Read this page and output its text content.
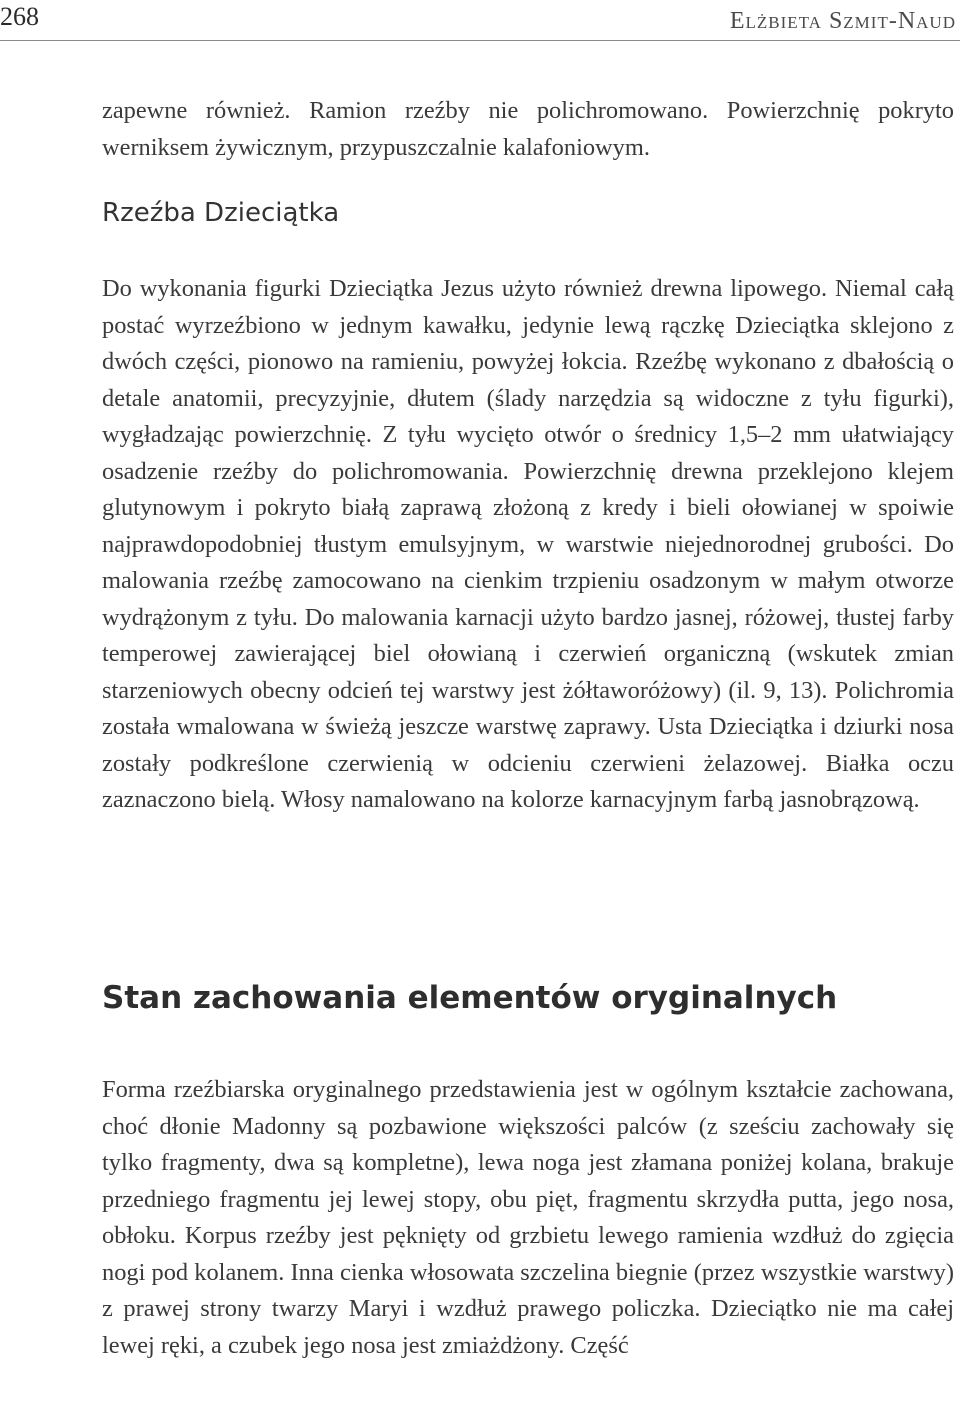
268	Elżbieta Szmit-Naud

zapewne również. Ramion rzeźby nie polichromowano. Powierzchnię pokryto werniksem żywicznym, przypuszczalnie kalafoniowym.

Rzeźba Dzieciątka

Do wykonania figurki Dzieciątka Jezus użyto również drewna lipowego. Niemal całą postać wyrzeźbiono w jednym kawałku, jedynie lewą rączkę Dzieciątka sklejono z dwóch części, pionowo na ramieniu, powyżej łokcia. Rzeźbę wykonano z dbałością o detale anatomii, precyzyjnie, dłutem (ślady narzędzia są widoczne z tyłu figurki), wygładzając powierzchnię. Z tyłu wycięto otwór o średnicy 1,5–2 mm ułatwiający osadzenie rzeźby do polichromowania. Powierzchnię drewna przeklejono klejem glutynowym i pokryto białą zaprawą złożoną z kredy i bieli ołowianej w spoiwie najprawdopodobniej tłustym emulsyjnym, w warstwie niejednorodnej grubości. Do malowania rzeźbę zamocowano na cienkim trzpieniu osadzonym w małym otworze wydrążonym z tyłu. Do malowania karnacji użyto bardzo jasnej, różowej, tłustej farby temperowej zawierającej biel ołowianą i czerwień organiczną (wskutek zmian starzeniowych obecny odcień tej warstwy jest żółtaworóżowy) (il. 9, 13). Polichromia została wmalowana w świeżą jeszcze warstwę zaprawy. Usta Dzieciątka i dziurki nosa zostały podkreślone czerwienią w odcieniu czerwieni żelazowej. Białka oczu zaznaczono bielą. Włosy namalowano na kolorze karnacyjnym farbą jasnobrązową.

Stan zachowania elementów oryginalnych

Forma rzeźbiarska oryginalnego przedstawienia jest w ogólnym kształcie zachowana, choć dłonie Madonny są pozbawione większości palców (z sześciu zachowały się tylko fragmenty, dwa są kompletne), lewa noga jest złamana poniżej kolana, brakuje przedniego fragmentu jej lewej stopy, obu pięt, fragmentu skrzydła putta, jego nosa, obłoku. Korpus rzeźby jest pęknięty od grzbietu lewego ramienia wzdłuż do zgięcia nogi pod kolanem. Inna cienka włosowata szczelina biegnie (przez wszystkie warstwy) z prawej strony twarzy Maryi i wzdłuż prawego policzka. Dzieciątko nie ma całej lewej ręki, a czubek jego nosa jest zmiażdżony. Część
